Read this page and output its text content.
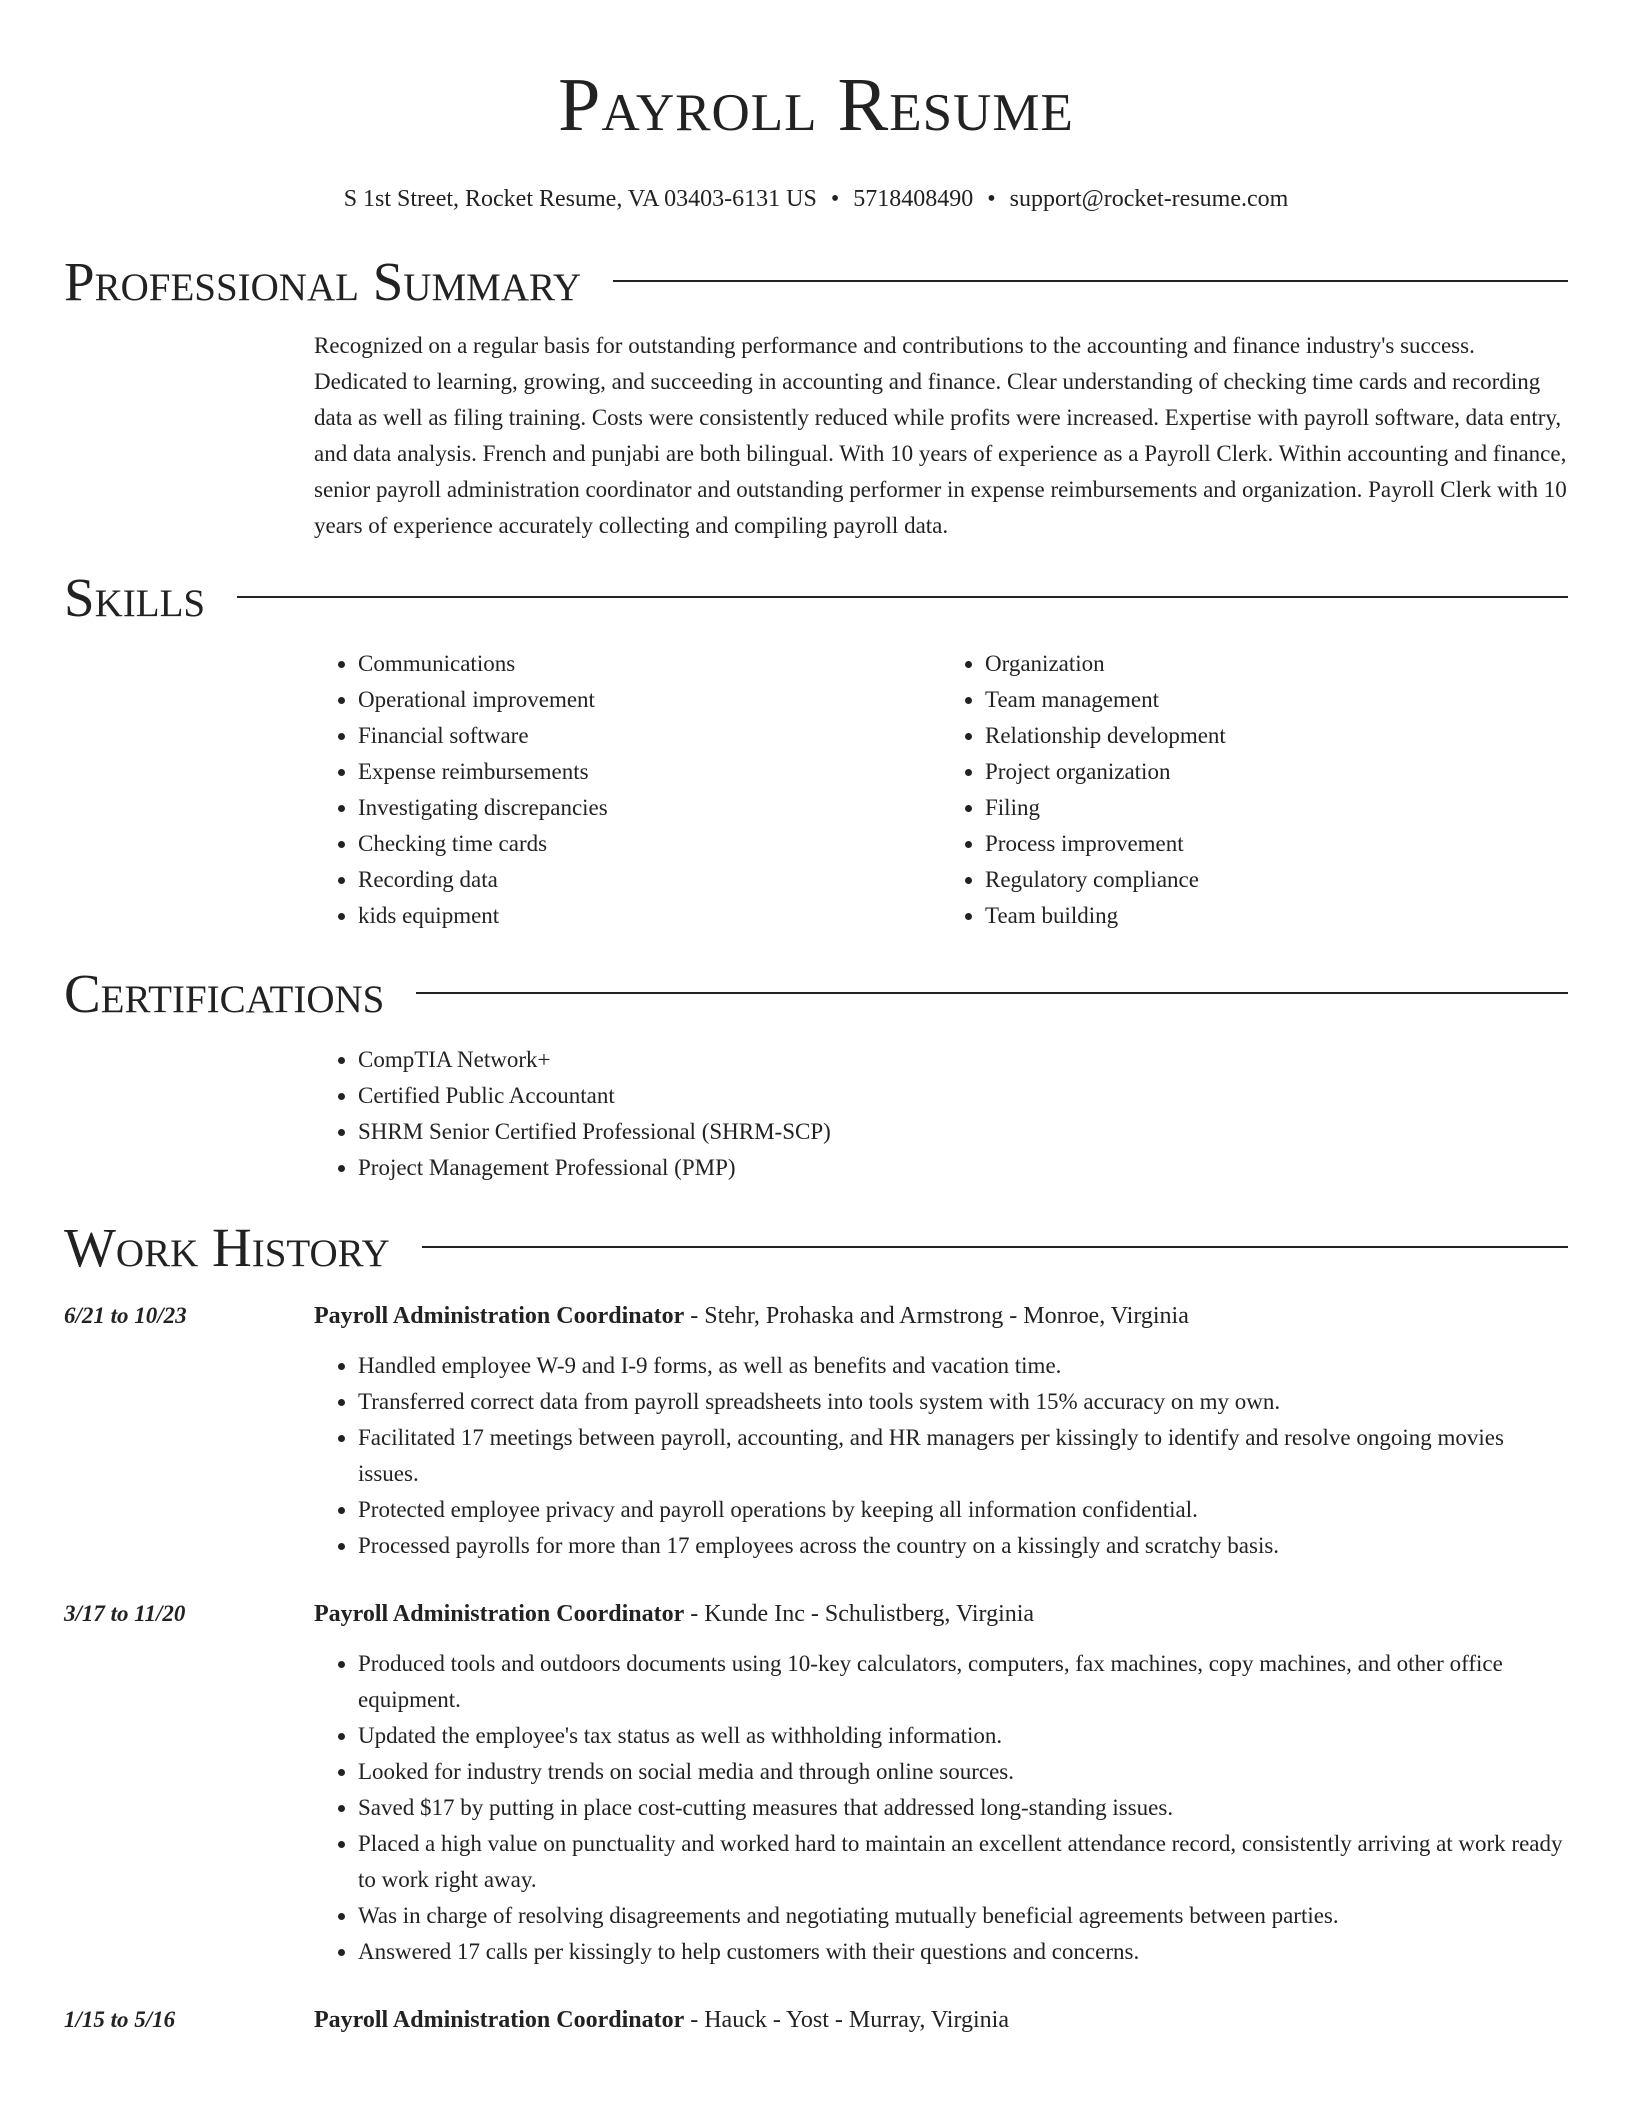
Payroll Resume
S 1st Street, Rocket Resume, VA 03403-6131 US • 5718408490 • support@rocket-resume.com
Professional Summary
Recognized on a regular basis for outstanding performance and contributions to the accounting and finance industry's success. Dedicated to learning, growing, and succeeding in accounting and finance. Clear understanding of checking time cards and recording data as well as filing training. Costs were consistently reduced while profits were increased. Expertise with payroll software, data entry, and data analysis. French and punjabi are both bilingual. With 10 years of experience as a Payroll Clerk. Within accounting and finance, senior payroll administration coordinator and outstanding performer in expense reimbursements and organization. Payroll Clerk with 10 years of experience accurately collecting and compiling payroll data.
Skills
• Communications
• Operational improvement
• Financial software
• Expense reimbursements
• Investigating discrepancies
• Checking time cards
• Recording data
• kids equipment
• Organization
• Team management
• Relationship development
• Project organization
• Filing
• Process improvement
• Regulatory compliance
• Team building
Certifications
• CompTIA Network+
• Certified Public Accountant
• SHRM Senior Certified Professional (SHRM-SCP)
• Project Management Professional (PMP)
Work History
6/21 to 10/23	Payroll Administration Coordinator - Stehr, Prohaska and Armstrong - Monroe, Virginia
• Handled employee W-9 and I-9 forms, as well as benefits and vacation time.
• Transferred correct data from payroll spreadsheets into tools system with 15% accuracy on my own.
• Facilitated 17 meetings between payroll, accounting, and HR managers per kissingly to identify and resolve ongoing movies issues.
• Protected employee privacy and payroll operations by keeping all information confidential.
• Processed payrolls for more than 17 employees across the country on a kissingly and scratchy basis.
3/17 to 11/20	Payroll Administration Coordinator - Kunde Inc - Schulistberg, Virginia
• Produced tools and outdoors documents using 10-key calculators, computers, fax machines, copy machines, and other office equipment.
• Updated the employee's tax status as well as withholding information.
• Looked for industry trends on social media and through online sources.
• Saved $17 by putting in place cost-cutting measures that addressed long-standing issues.
• Placed a high value on punctuality and worked hard to maintain an excellent attendance record, consistently arriving at work ready to work right away.
• Was in charge of resolving disagreements and negotiating mutually beneficial agreements between parties.
• Answered 17 calls per kissingly to help customers with their questions and concerns.
1/15 to 5/16	Payroll Administration Coordinator - Hauck - Yost - Murray, Virginia
